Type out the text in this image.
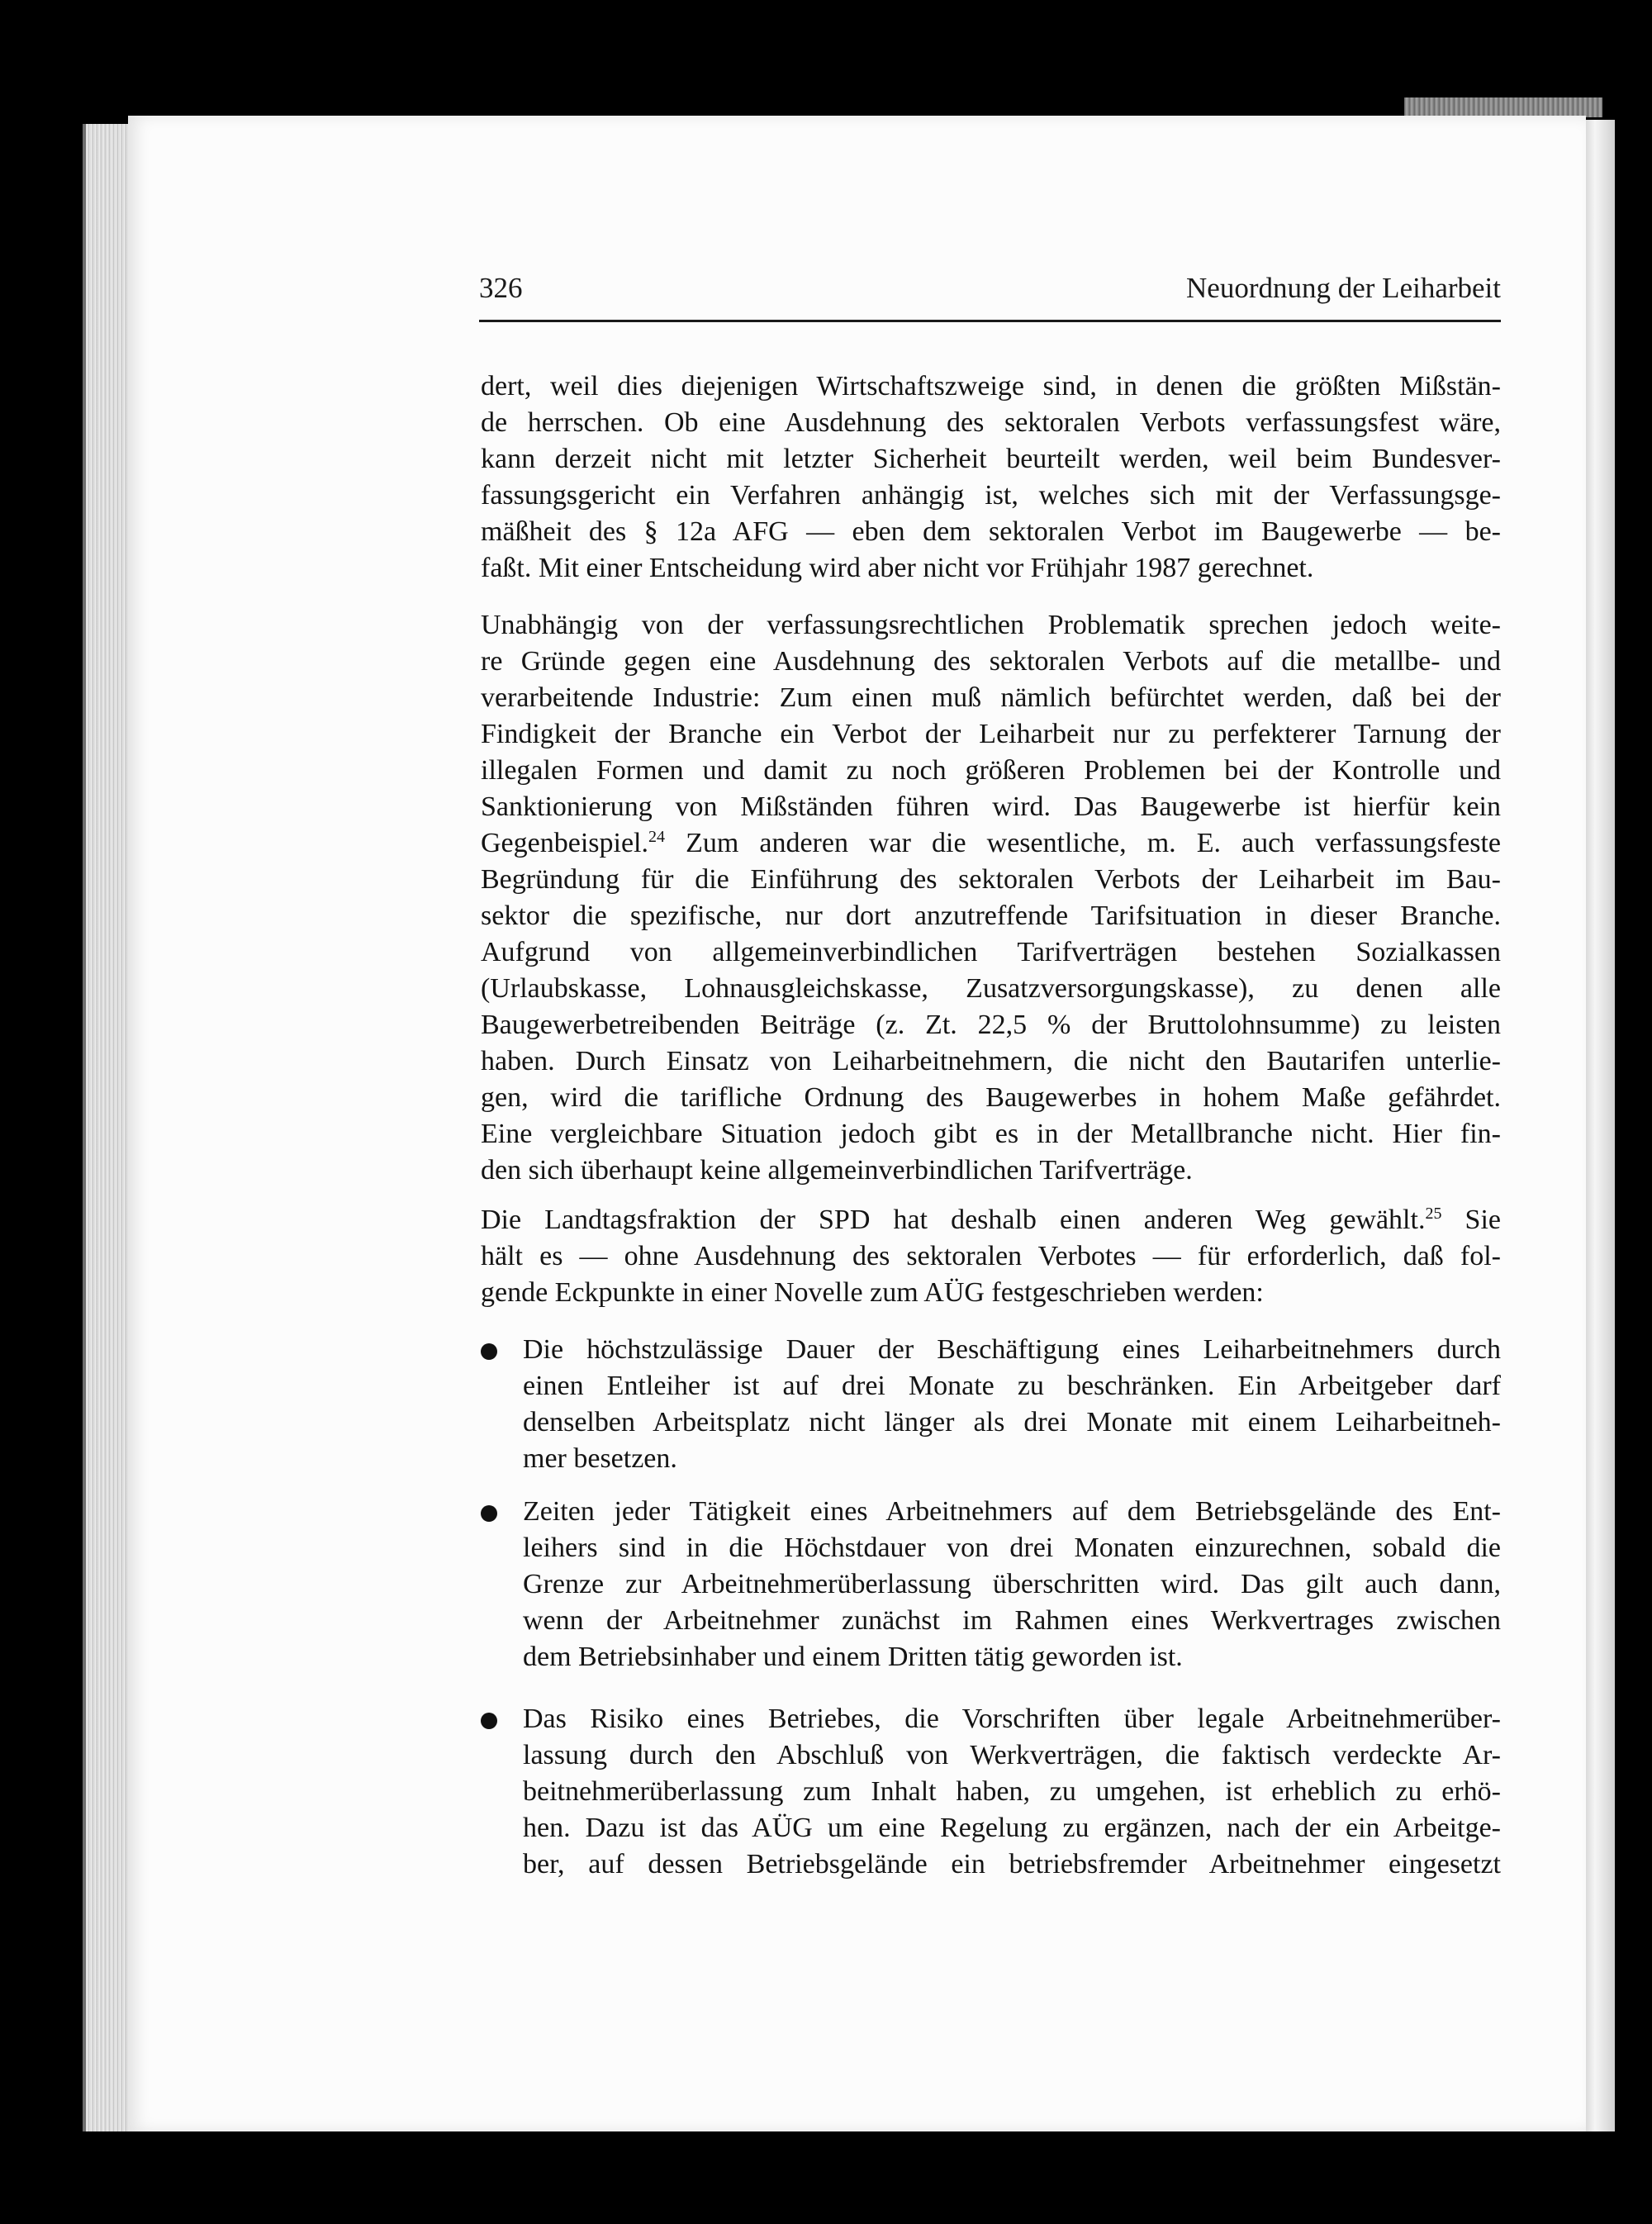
326	Neuordnung der Leiharbeit
dert, weil dies diejenigen Wirtschaftszweige sind, in denen die größten Mißstän-
de herrschen. Ob eine Ausdehnung des sektoralen Verbots verfassungsfest wäre,
kann derzeit nicht mit letzter Sicherheit beurteilt werden, weil beim Bundesver-
fassungsgericht ein Verfahren anhängig ist, welches sich mit der Verfassungsge-
mäßheit des § 12a AFG — eben dem sektoralen Verbot im Baugewerbe — be-
faßt. Mit einer Entscheidung wird aber nicht vor Frühjahr 1987 gerechnet.
Unabhängig von der verfassungsrechtlichen Problematik sprechen jedoch weite-
re Gründe gegen eine Ausdehnung des sektoralen Verbots auf die metallbe- und
verarbeitende Industrie: Zum einen muß nämlich befürchtet werden, daß bei der
Findigkeit der Branche ein Verbot der Leiharbeit nur zu perfekterer Tarnung der
illegalen Formen und damit zu noch größeren Problemen bei der Kontrolle und
Sanktionierung von Mißständen führen wird. Das Baugewerbe ist hierfür kein
Gegenbeispiel.$^{24}$ Zum anderen war die wesentliche, m. E. auch verfassungsfeste
Begründung für die Einführung des sektoralen Verbots der Leiharbeit im Bau-
sektor die spezifische, nur dort anzutreffende Tarifsituation in dieser Branche.
Aufgrund von allgemeinverbindlichen Tarifverträgen bestehen Sozialkassen
(Urlaubskasse, Lohnausgleichskasse, Zusatzversorgungskasse), zu denen alle
Baugewerbetreibenden Beiträge (z. Zt. 22,5 % der Bruttolohnsumme) zu leisten
haben. Durch Einsatz von Leiharbeitnehmern, die nicht den Bautarifen unterlie-
gen, wird die tarifliche Ordnung des Baugewerbes in hohem Maße gefährdet.
Eine vergleichbare Situation jedoch gibt es in der Metallbranche nicht. Hier fin-
den sich überhaupt keine allgemeinverbindlichen Tarifverträge.
Die Landtagsfraktion der SPD hat deshalb einen anderen Weg gewählt.$^{25}$ Sie
hält es — ohne Ausdehnung des sektoralen Verbotes — für erforderlich, daß fol-
gende Eckpunkte in einer Novelle zum AÜG festgeschrieben werden:
Die höchstzulässige Dauer der Beschäftigung eines Leiharbeitnehmers durch
einen Entleiher ist auf drei Monate zu beschränken. Ein Arbeitgeber darf
denselben Arbeitsplatz nicht länger als drei Monate mit einem Leiharbeitneh-
mer besetzen.
Zeiten jeder Tätigkeit eines Arbeitnehmers auf dem Betriebsgelände des Ent-
leihers sind in die Höchstdauer von drei Monaten einzurechnen, sobald die
Grenze zur Arbeitnehmerüberlassung überschritten wird. Das gilt auch dann,
wenn der Arbeitnehmer zunächst im Rahmen eines Werkvertrages zwischen
dem Betriebsinhaber und einem Dritten tätig geworden ist.
Das Risiko eines Betriebes, die Vorschriften über legale Arbeitnehmerüber-
lassung durch den Abschluß von Werkverträgen, die faktisch verdeckte Ar-
beitnehmerüberlassung zum Inhalt haben, zu umgehen, ist erheblich zu erhö-
hen. Dazu ist das AÜG um eine Regelung zu ergänzen, nach der ein Arbeitge-
ber, auf dessen Betriebsgelände ein betriebsfremder Arbeitnehmer eingesetzt
